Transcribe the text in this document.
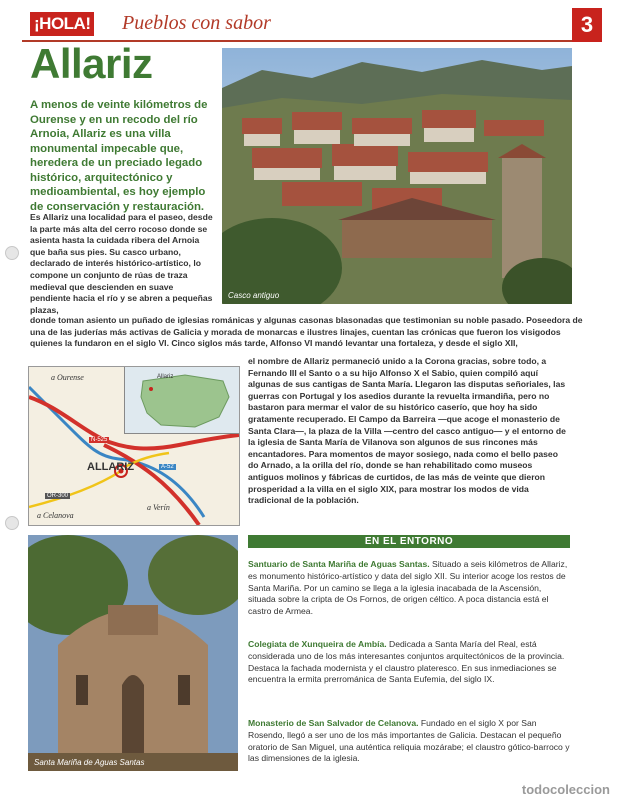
¡HOLA! Pueblos con sabor	3
Allariz
A menos de veinte kilómetros de Ourense y en un recodo del río Arnoia, Allariz es una villa monumental impecable que, heredera de un preciado legado histórico, arquitectónico y medioambiental, es hoy ejemplo de conservación y restauración.
Es Allariz una localidad para el paseo, desde la parte más alta del cerro rocoso donde se asienta hasta la cuidada ribera del Arnoia que baña sus pies. Su casco urbano, declarado de interés histórico-artístico, lo compone un conjunto de rúas de traza medieval que descienden en suave pendiente hacia el río y se abren a pequeñas plazas,
Casco antiguo
donde toman asiento un puñado de iglesias románicas y algunas casonas blasonadas que testimonian su noble pasado. Poseedora de una de las juderías más activas de Galicia y morada de monarcas e ilustres linajes, cuentan las crónicas que fueron los visigodos quienes la fundaron en el siglo VI. Cinco siglos más tarde, Alfonso VI mandó levantar una fortaleza, y desde el siglo XII,
Allariz
a Ourense
ALLARIZ
a Celanova
a Verín
N-525
A-52
OR-300
el nombre de Allariz permaneció unido a la Corona gracias, sobre todo, a Fernando III el Santo o a su hijo Alfonso X el Sabio, quien compiló aquí algunas de sus cantigas de Santa María. Llegaron las disputas señoriales, las guerras con Portugal y los asedios durante la revuelta irmandiña, pero no bastaron para mermar el valor de su histórico caserío, que hoy ha sido gratamente recuperado. El Campo da Barreira —que acoge el monasterio de Santa Clara—, la plaza de la Villa —centro del casco antiguo— y el entorno de la iglesia de Santa María de Vilanova son algunos de sus rincones más encantadores. Para momentos de mayor sosiego, nada como el bello paseo do Arnado, a la orilla del río, donde se han rehabilitado como museos antiguos molinos y fábricas de curtidos, de las más de veinte que dieron prosperidad a la villa en el siglo XIX, para mostrar los modos de vida tradicional de la población.
Santa Mariña de Aguas Santas
EN EL ENTORNO
Santuario de Santa Mariña de Aguas Santas. Situado a seis kilómetros de Allariz, es monumento histórico-artístico y data del siglo XII. Su interior acoge los restos de Santa Mariña. Por un camino se llega a la iglesia inacabada de la Ascensión, situada sobre la cripta de Os Fornos, de origen céltico. A poca distancia está el castro de Armea.
Colegiata de Xunqueira de Ambía. Dedicada a Santa María del Real, está considerada uno de los más interesantes conjuntos arquitectónicos de la provincia. Destaca la fachada modernista y el claustro plateresco. En sus inmediaciones se encuentra la ermita prerrománica de Santa Eufemia, del siglo IX.
Monasterio de San Salvador de Celanova. Fundado en el siglo X por San Rosendo, llegó a ser uno de los más importantes de Galicia. Destacan el pequeño oratorio de San Miguel, una auténtica reliquia mozárabe; el claustro gótico-barroco y las dimensiones de la iglesia.
todocoleccion
